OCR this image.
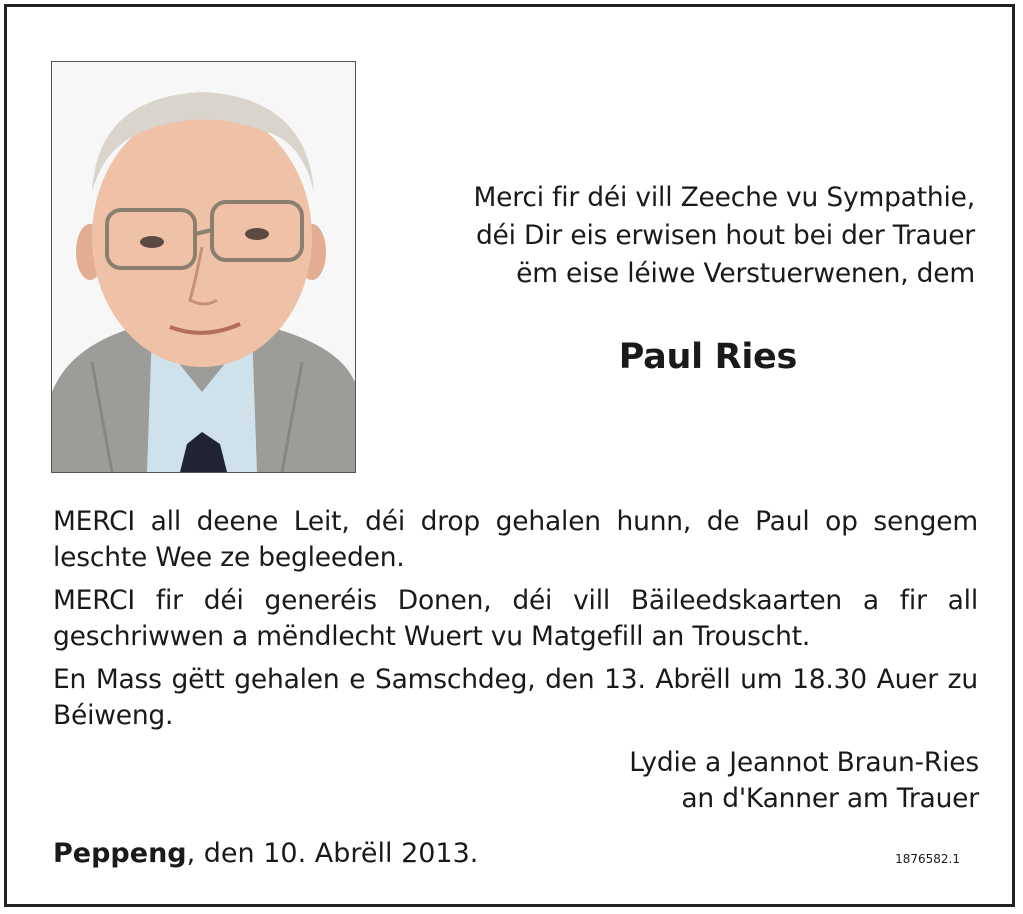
Merci fir déi vill Zeeche vu Sympathie,
déi Dir eis erwisen hout bei der Trauer
ëm eise léiwe Verstuerwenen, dem
Paul Ries

MERCI all deene Leit, déi drop gehalen hunn, de Paul op sengem leschte Wee ze begleeden.

MERCI fir déi generéis Donen, déi vill Bäileedskaarten a fir all geschriwwen a mëndlecht Wuert vu Matgefill an Trouscht.

En Mass gëtt gehalen e Samschdeg, den 13. Abrëll um 18.30 Auer zu Béiweng.

Lydie a Jeannot Braun-Ries
an d'Kanner am Trauer
Peppeng, den 10. Abrëll 2013.	1876582.1
